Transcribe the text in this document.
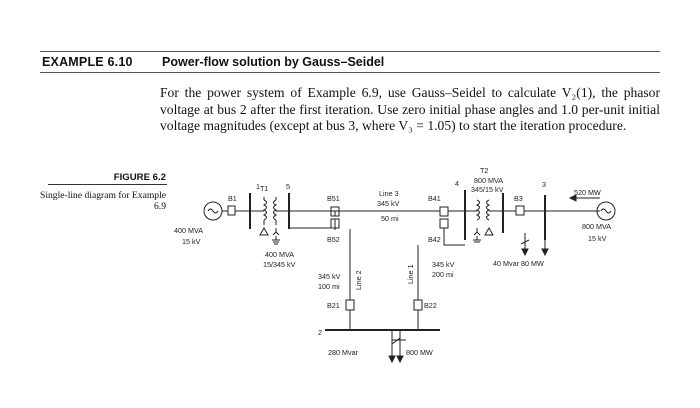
EXAMPLE 6.10 Power-flow solution by Gauss–Seidel
For the power system of Example 6.9, use Gauss–Seidel to calculate V₂(1), the phasor voltage at bus 2 after the first iteration. Use zero initial phase angles and 1.0 per-unit initial voltage magnitudes (except at bus 3, where V₃ = 1.05) to start the iteration procedure.
FIGURE 6.2
Single-line diagram for Example 6.9
1	5	4	3
2
T1
T2
B1	B51
B52
B41
B42
B3
B21	B22
400 MVA
15 kV
400 MVA
15/345 kV
800 MVA
345/15 kV
800 MVA
15 kV
520 MW
Line 3
345 kV
50 mi
Line 2
345 kV
100 mi
Line 1 345 kV
200 mi
40 Mvar 80 MW
280 Mvar	800 MW
